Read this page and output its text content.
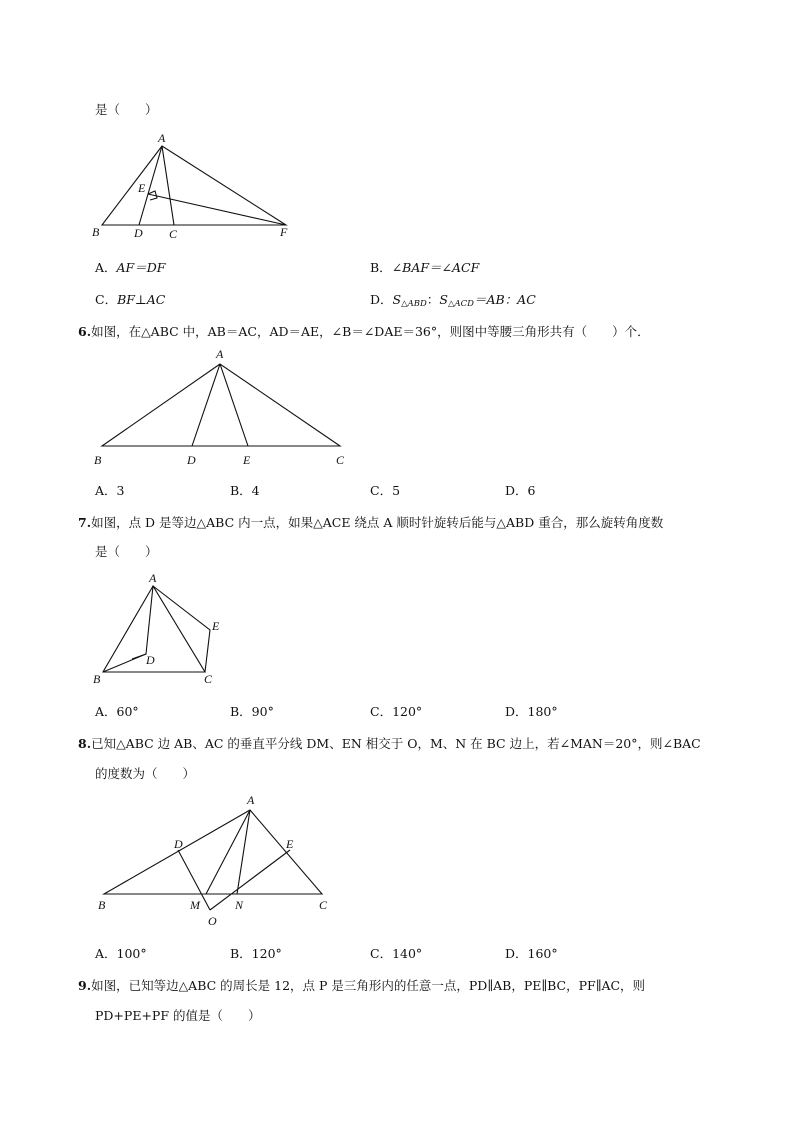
是（　　）
A
E
B	D C	F
A．AF＝DF	B．∠BAF＝∠ACF
C．BF⊥AC	D．$S_{\triangle ABD}$：$S_{\triangle ACD}=AB$：AC
6.如图，在△ABC 中，AB＝AC，AD＝AE，∠B＝∠DAE＝36°，则图中等腰三角形共有（　　）个．
A
B	D	E	C
A．3	B．4	C．5	D．6
7.如图，点 D 是等边△ABC 内一点，如果△ACE 绕点 A 顺时针旋转后能与△ABD 重合，那么旋转角度数
是（　　）
A
E
D
B	C
A．60°	B．90°	C．120°	D．180°
8.已知△ABC 边 AB、AC 的垂直平分线 DM、EN 相交于 O，M、N 在 BC 边上，若∠MAN＝20°，则∠BAC
的度数为（　　）
A
D	E
B	M	N	C
O
A．100°	B．120°	C．140°	D．160°
9.如图，已知等边△ABC 的周长是 12，点 P 是三角形内的任意一点，PD∥AB，PE∥BC，PF∥AC，则
PD+PE+PF 的值是（　　）
